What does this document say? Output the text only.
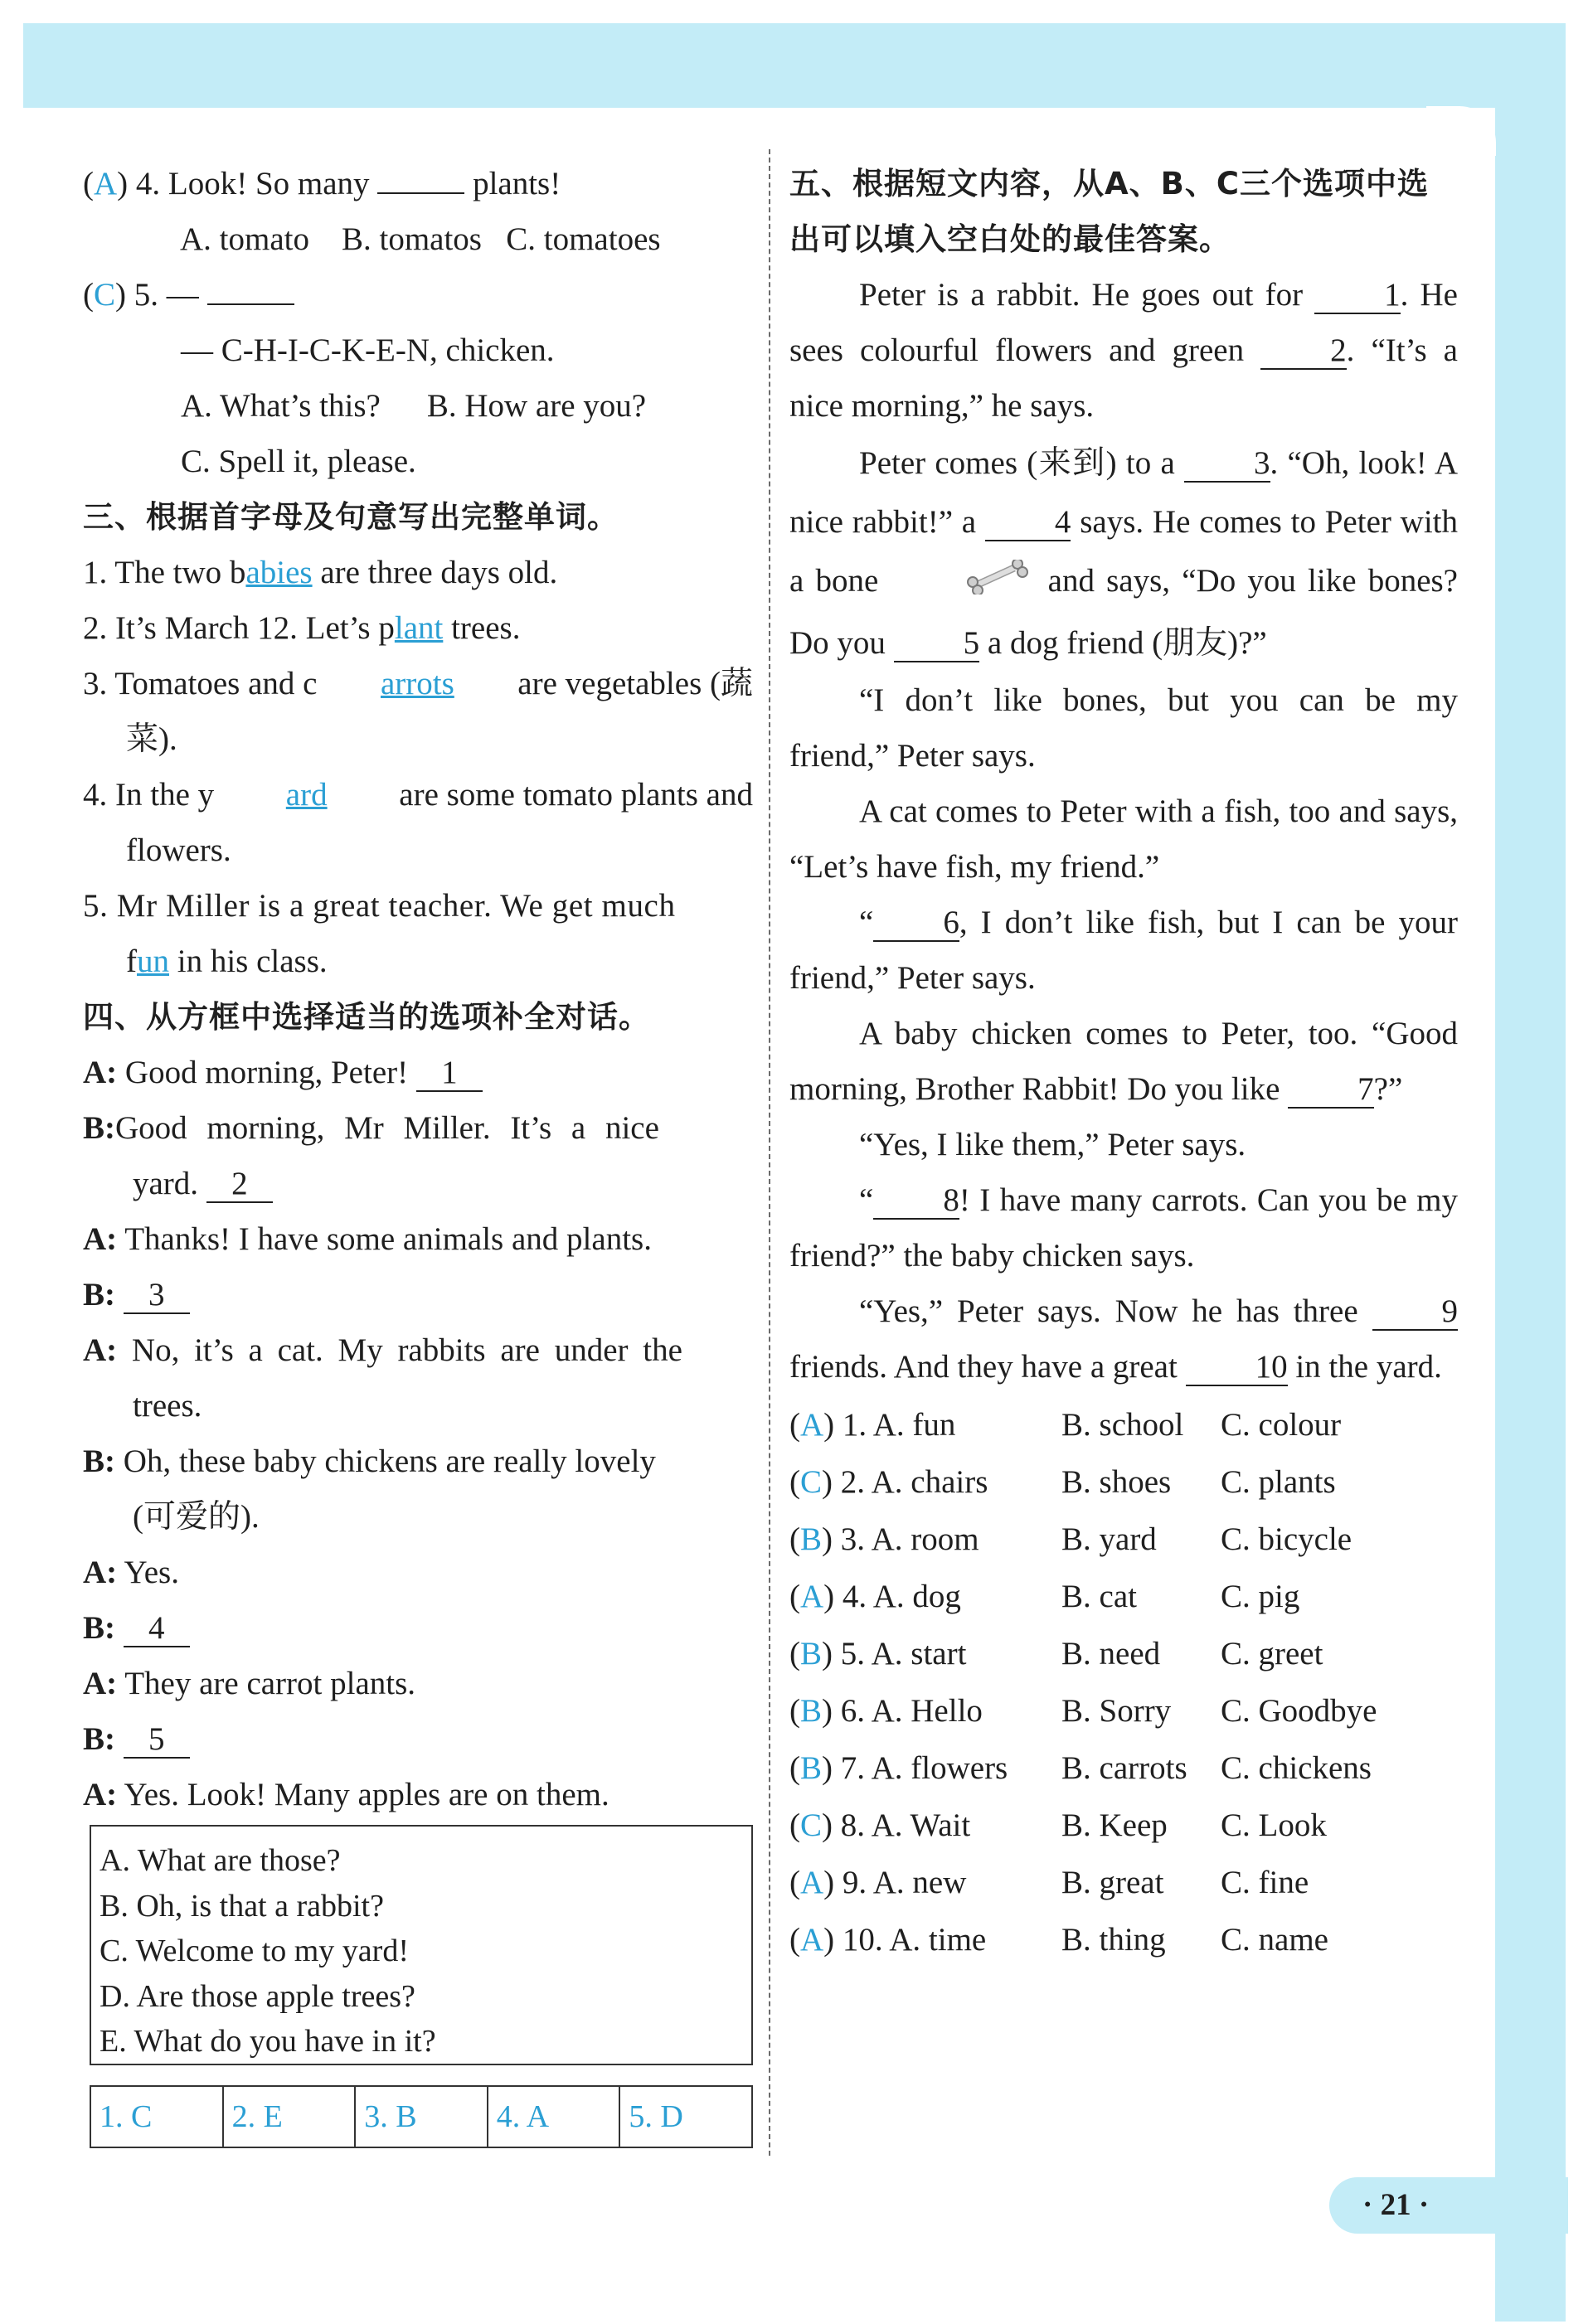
(A) 4. Look! So many	plants!
A. tomato    B. tomatos   C. tomatoes
(C) 5. —
— C-H-I-C-K-E-N, chicken.
A. What’s this? B. How are you?
C. Spell it, please.
三、根据首字母及句意写出完整单词。
1. The two babies are three days old.
2. It’s March 12. Let’s plant trees.
3. Tomatoes and c arrots are vegetables (蔬
菜).
4. In the y ard are some tomato plants and
flowers.
5. Mr Miller is a great teacher. We get much
fun in his class.
四、从方框中选择适当的选项补全对话。
A: Good morning, Peter! 1
B: Good morning, Mr Miller. It’s a nice
yard. 2
A: Thanks! I have some animals and plants.
B: 3
A: No, it’s a cat. My rabbits are under the
trees.
B: Oh, these baby chickens are really lovely
(可爱的).
A: Yes.
B: 4
A: They are carrot plants.
B: 5
A: Yes. Look! Many apples are on them.
A. What are those?
B. Oh, is that a rabbit?
C. Welcome to my yard!
D. Are those apple trees?
E. What do you have in it?
1. C	2. E	3. B	4. A	5. D
五、根据短文内容，从A、B、C三个选项中选
出可以填入空白处的最佳答案。
Peter is a rabbit. He goes out for 1. He sees colourful flowers and green 2. “It’s a nice morning,” he says.
Peter comes (来到) to a 3. “Oh, look! A nice rabbit!” a 4 says. He comes to Peter with a bone	and says, “Do you like bones? Do you 5 a dog friend (朋友)?”
“I don’t like bones, but you can be my friend,” Peter says.
A cat comes to Peter with a fish, too and says, “Let’s have fish, my friend.”
“ 6, I don’t like fish, but I can be your friend,” Peter says.
A baby chicken comes to Peter, too. “Good morning, Brother Rabbit! Do you like 7?”
“Yes, I like them,” Peter says.
“ 8! I have many carrots. Can you be my friend?” the baby chicken says.
“Yes,” Peter says. Now he has three 9 friends. And they have a great 10 in the yard.
(A) 1. A. fun	B. school C. colour
(C) 2. A. chairs B. shoes C. plants
(B) 3. A. room	B. yard C. bicycle
(A) 4. A. dog	B. cat	C. pig
(B) 5. A. start	B. need C. greet
(B) 6. A. Hello B. Sorry C. Goodbye
(B) 7. A. flowers B. carrots C. chickens
(C) 8. A. Wait	B. Keep C. Look
(A) 9. A. new	B. great C. fine
(A) 10. A. time B. thing C. name
· 21 ·
